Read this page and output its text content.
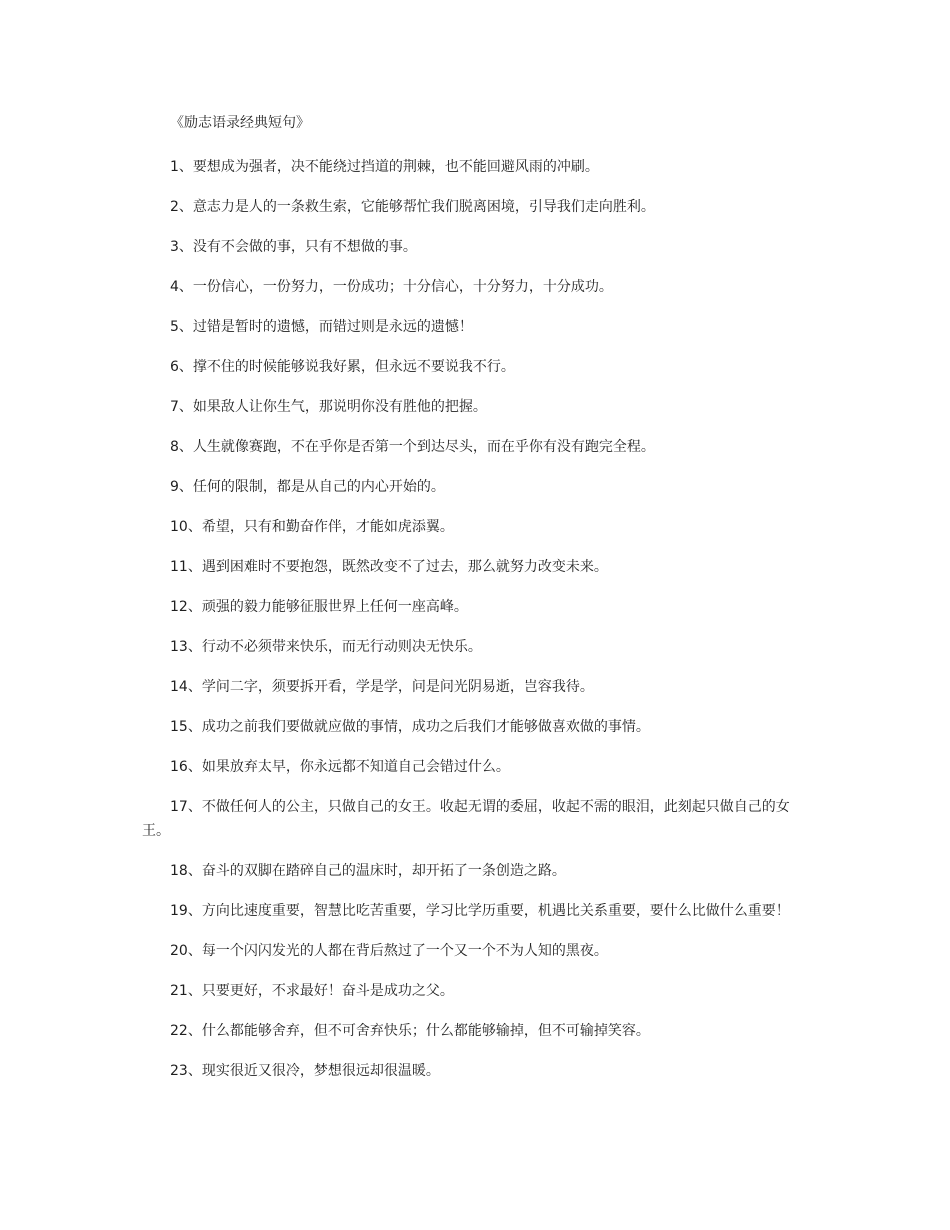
《励志语录经典短句》

1、要想成为强者，决不能绕过挡道的荆棘，也不能回避风雨的冲刷。

2、意志力是人的一条救生索，它能够帮忙我们脱离困境，引导我们走向胜利。

3、没有不会做的事，只有不想做的事。

4、一份信心，一份努力，一份成功；十分信心，十分努力，十分成功。

5、过错是暂时的遗憾，而错过则是永远的遗憾！

6、撑不住的时候能够说我好累，但永远不要说我不行。

7、如果敌人让你生气，那说明你没有胜他的把握。

8、人生就像赛跑，不在乎你是否第一个到达尽头，而在乎你有没有跑完全程。

9、任何的限制，都是从自己的内心开始的。

10、希望，只有和勤奋作伴，才能如虎添翼。

11、遇到困难时不要抱怨，既然改变不了过去，那么就努力改变未来。

12、顽强的毅力能够征服世界上任何一座高峰。

13、行动不必须带来快乐，而无行动则决无快乐。

14、学问二字，须要拆开看，学是学，问是问光阴易逝，岂容我待。

15、成功之前我们要做就应做的事情，成功之后我们才能够做喜欢做的事情。

16、如果放弃太早，你永远都不知道自己会错过什么。

17、不做任何人的公主，只做自己的女王。收起无谓的委屈，收起不需的眼泪，此刻起只做自己的女王。

18、奋斗的双脚在踏碎自己的温床时，却开拓了一条创造之路。

19、方向比速度重要，智慧比吃苦重要，学习比学历重要，机遇比关系重要，要什么比做什么重要！

20、每一个闪闪发光的人都在背后熬过了一个又一个不为人知的黑夜。

21、只要更好，不求最好！奋斗是成功之父。

22、什么都能够舍弃，但不可舍弃快乐；什么都能够输掉，但不可输掉笑容。

23、现实很近又很冷，梦想很远却很温暖。
